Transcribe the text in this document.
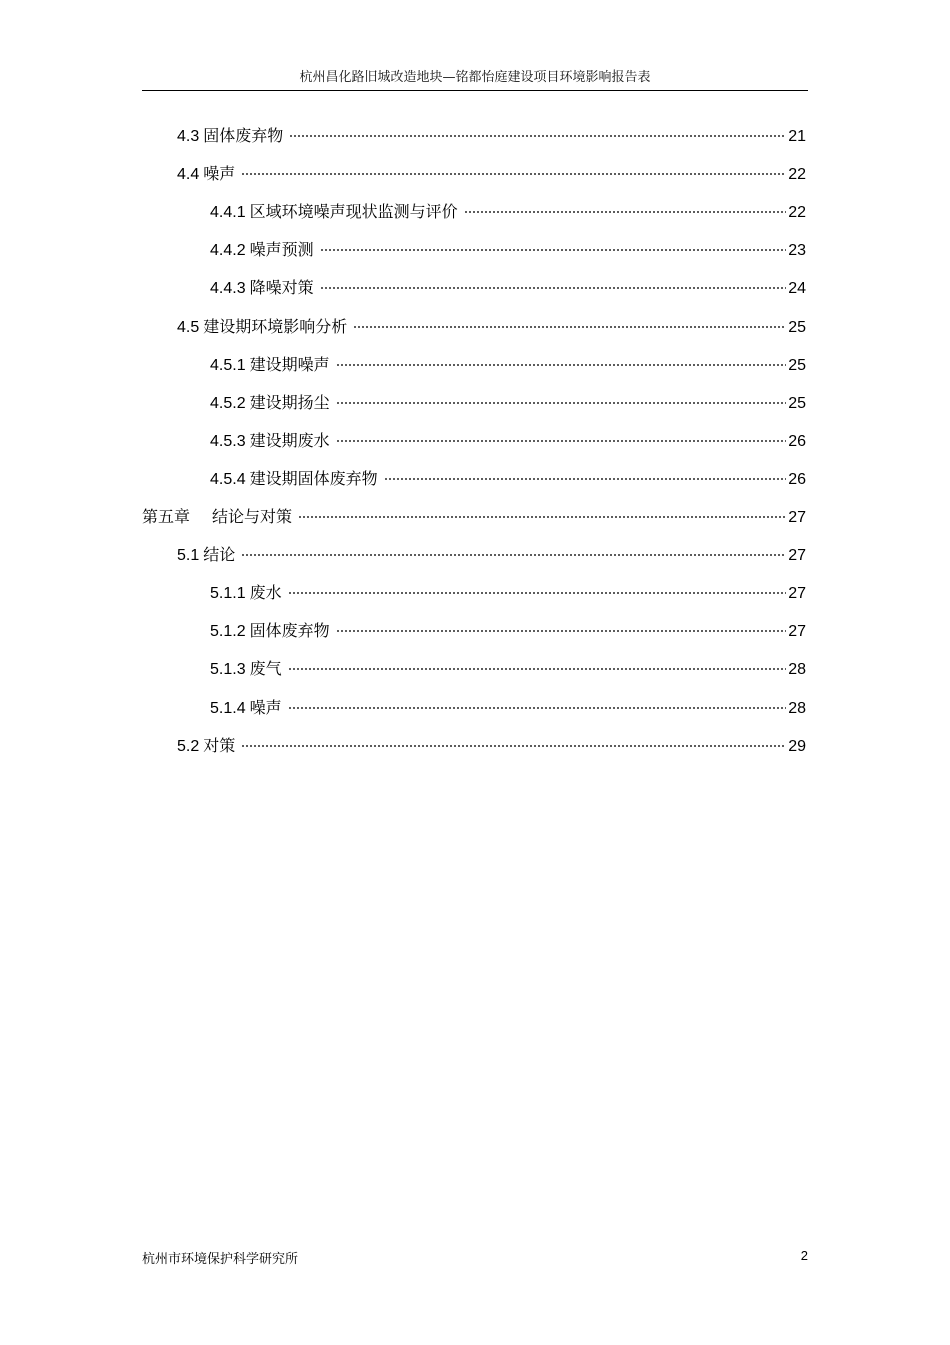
杭州昌化路旧城改造地块—铭都怡庭建设项目环境影响报告表
4.3 固体废弃物	21
4.4 噪声	22
4.4.1 区域环境噪声现状监测与评价	22
4.4.2 噪声预测	23
4.4.3 降噪对策	24
4.5 建设期环境影响分析	25
4.5.1 建设期噪声	25
4.5.2 建设期扬尘	25
4.5.3 建设期废水	26
4.5.4 建设期固体废弃物	26
第五章	结论与对策	27
5.1 结论	27
5.1.1 废水	27
5.1.2 固体废弃物	27
5.1.3 废气	28
5.1.4 噪声	28
5.2 对策	29
杭州市环境保护科学研究所	2
